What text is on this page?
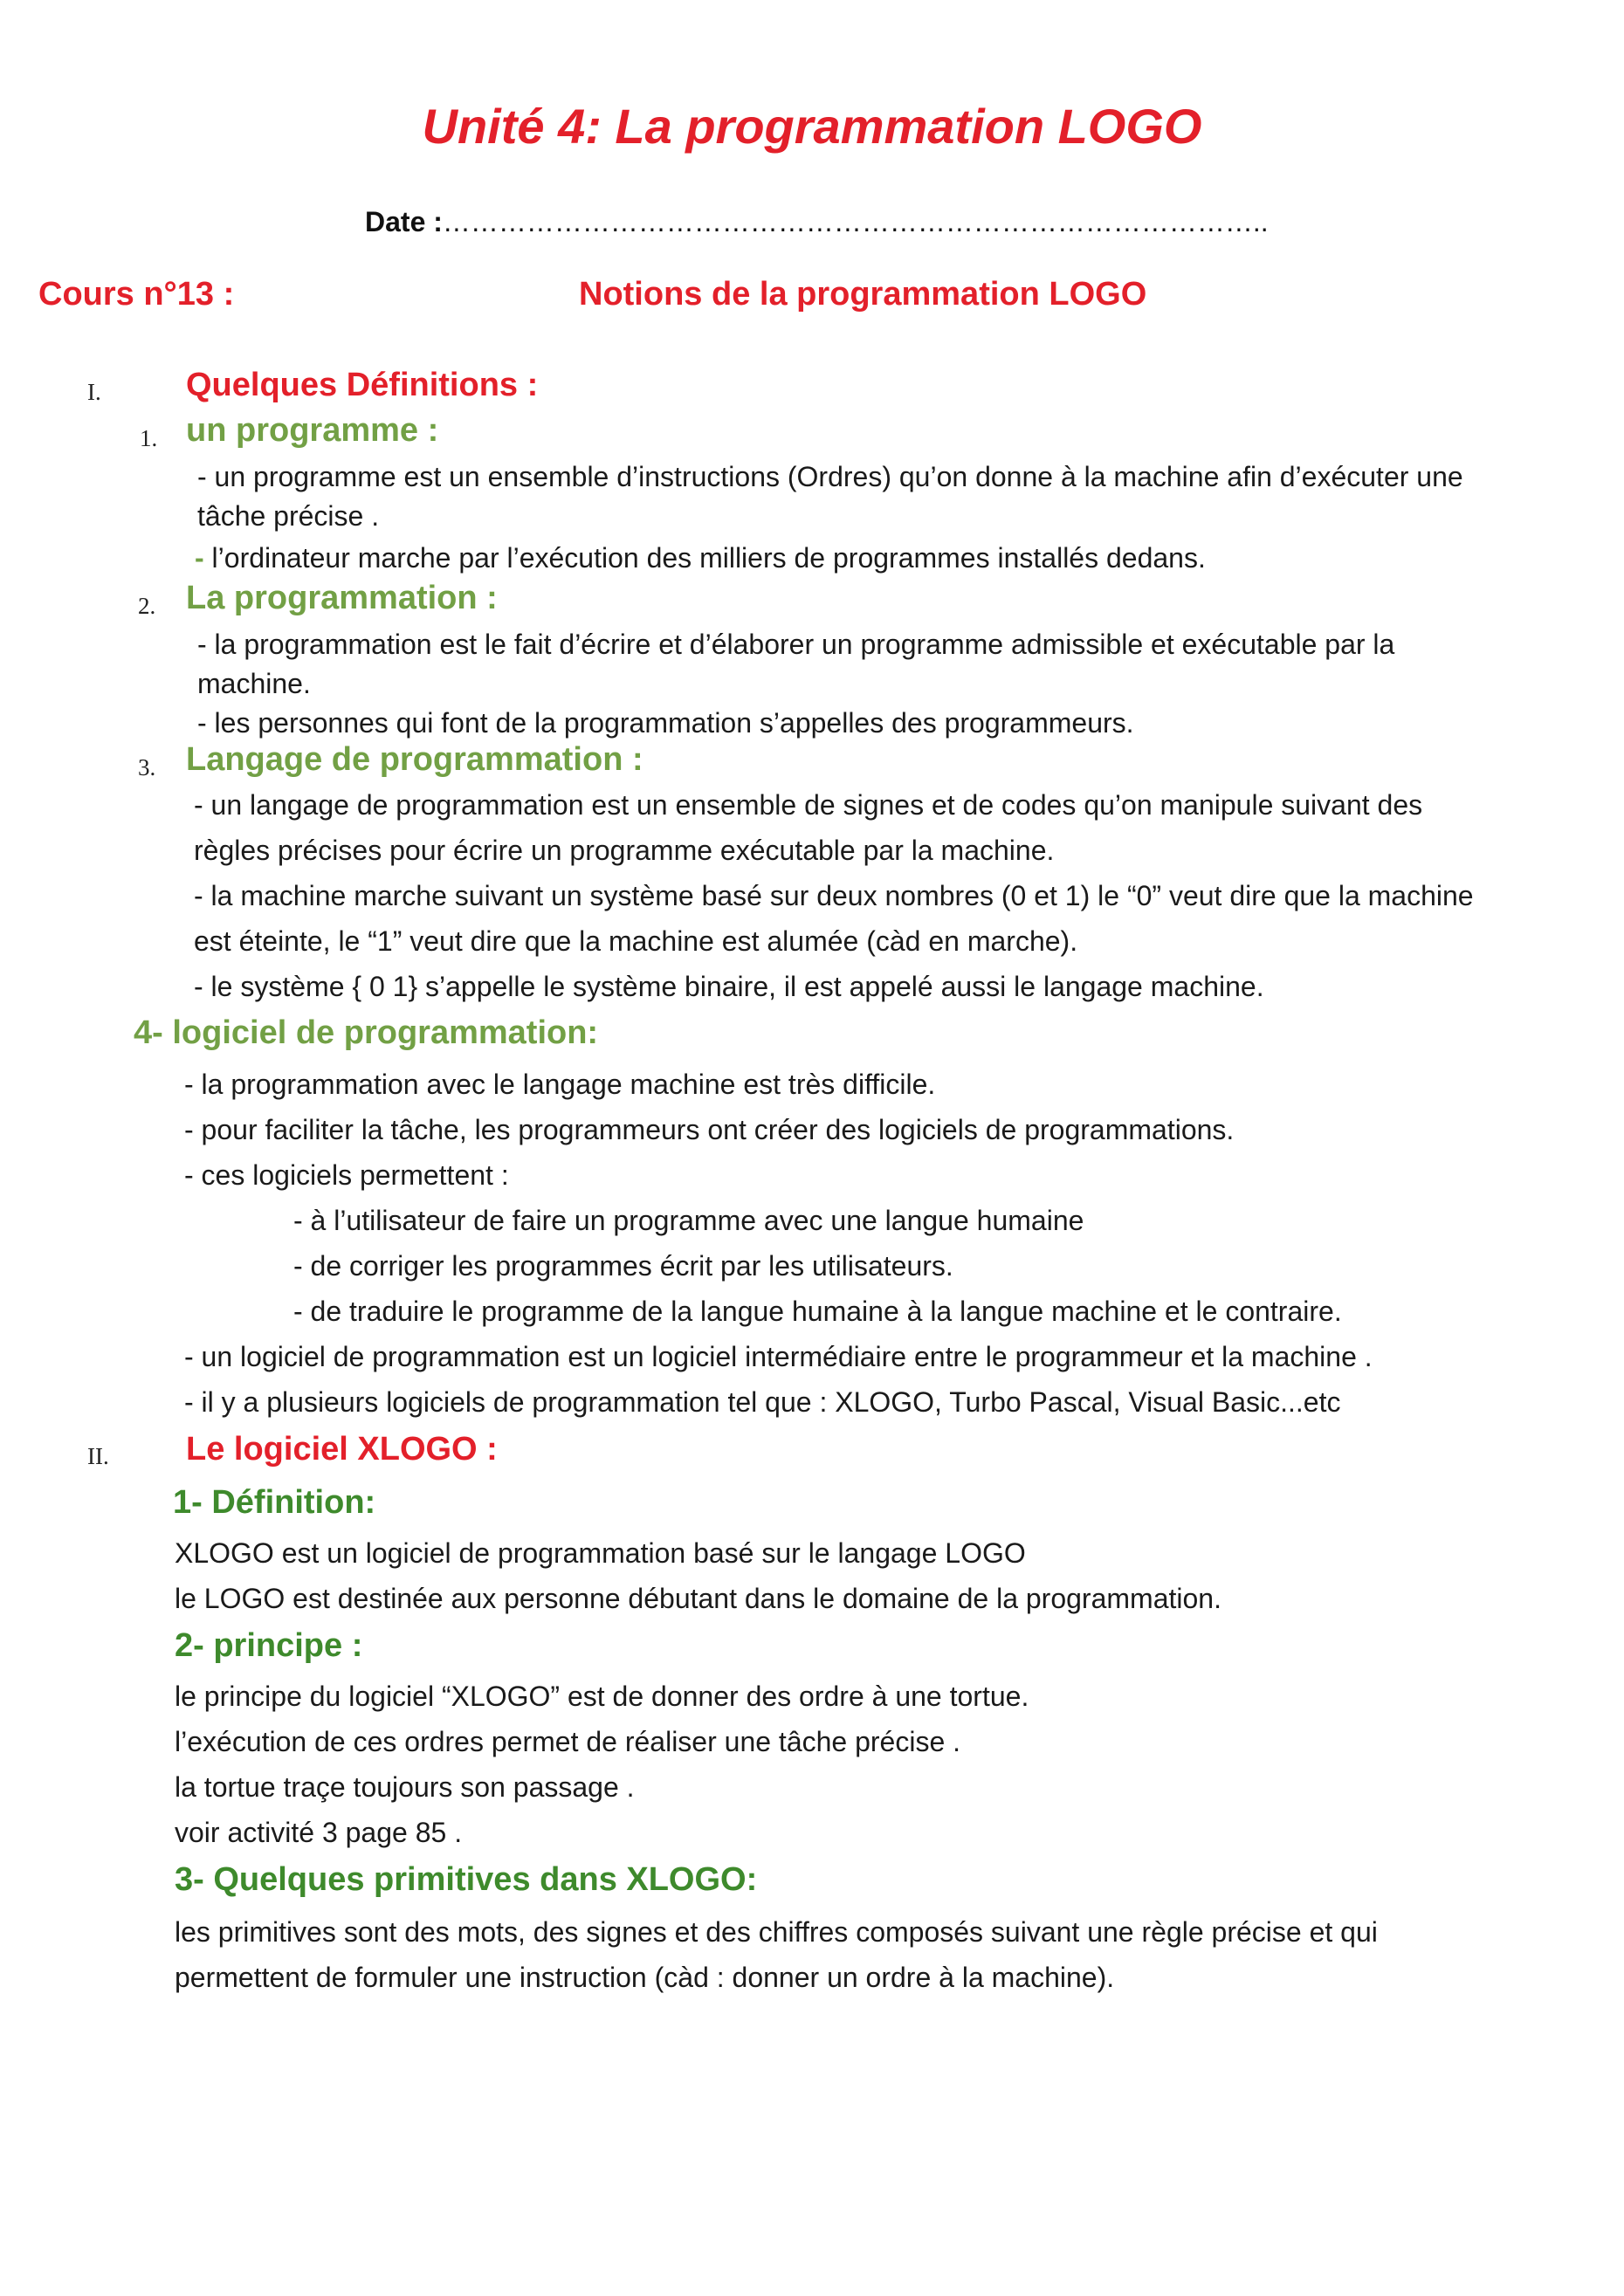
Unité 4: La programmation LOGO
Date :……………………………………………………………………………..
Cours n°13 :	Notions de la programmation LOGO
I.	Quelques Définitions :
1. un programme :
- un programme est un ensemble d’instructions (Ordres) qu’on donne à la machine afin d’exécuter une
tâche précise .
- l’ordinateur marche par l’exécution des milliers de programmes installés dedans.
2. La programmation :
- la programmation est le fait d’écrire et d’élaborer un programme admissible et exécutable par la
machine.
- les personnes qui font de la programmation s’appelles des programmeurs.
3. Langage de programmation :
- un langage de programmation est un ensemble de signes et de codes qu’on manipule suivant des
règles précises pour écrire un programme exécutable par la machine.
- la machine marche suivant un système basé sur deux nombres (0 et 1) le “0” veut dire que la machine
est éteinte, le “1” veut dire que la machine est alumée (càd en marche).
- le système { 0 1} s’appelle le système binaire, il est appelé aussi le langage machine.
4- logiciel de programmation:
- la programmation avec le langage machine est très difficile.
- pour faciliter la tâche, les programmeurs ont créer des logiciels de programmations.
- ces logiciels permettent :
- à l’utilisateur de faire un programme avec une langue humaine
- de corriger les programmes écrit par les utilisateurs.
- de traduire le programme de la langue humaine à la langue machine et le contraire.
- un logiciel de programmation est un logiciel intermédiaire entre le programmeur et la machine .
- il y a plusieurs logiciels de programmation tel que : XLOGO, Turbo Pascal, Visual Basic...etc
II. Le logiciel XLOGO :
1- Définition:
XLOGO est un logiciel de programmation basé sur le langage LOGO
le LOGO est destinée aux personne débutant dans le domaine de la programmation.
2- principe :
le principe du logiciel “XLOGO” est de donner des ordre à une tortue.
l’exécution de ces ordres permet de réaliser une tâche précise .
la tortue traçe toujours son passage .
voir activité 3 page 85 .
3- Quelques primitives dans XLOGO:
les primitives sont des mots, des signes et des chiffres composés suivant une règle précise et qui
permettent de formuler une instruction (càd : donner un ordre à la machine).
